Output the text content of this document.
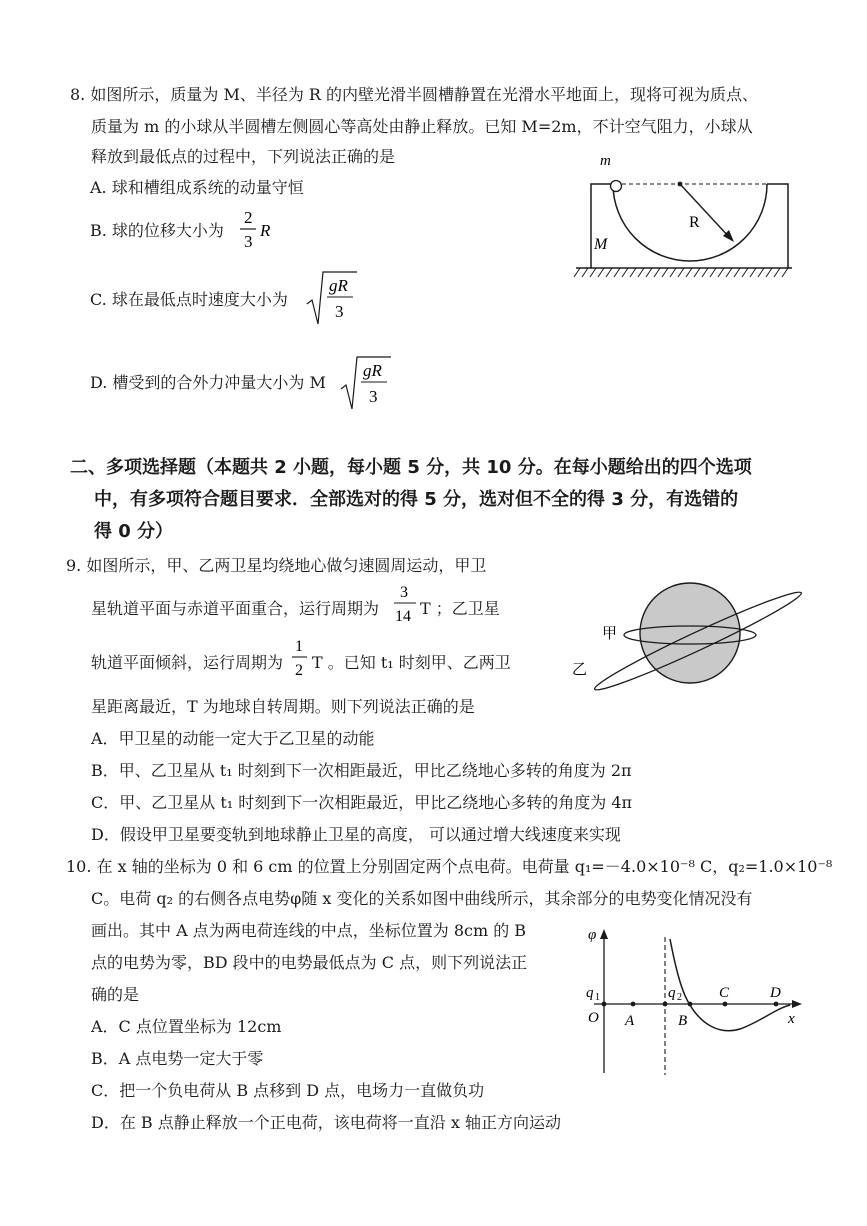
8. 如图所示，质量为 M、半径为 R 的内壁光滑半圆槽静置在光滑水平地面上，现将可视为质点、
质量为 m 的小球从半圆槽左侧圆心等高处由静止释放。已知 M=2m，不计空气阻力，小球从
释放到最低点的过程中，下列说法正确的是
A. 球和槽组成系统的动量守恒
B. 球的位移大小为
2
3
R
C. 球在最低点时速度大小为
gR
3
D. 槽受到的合外力冲量大小为 M
gR
3
m
R
M
二、多项选择题（本题共 2 小题，每小题 5 分，共 10 分。在每小题给出的四个选项
中，有多项符合题目要求．全部选对的得 5 分，选对但不全的得 3 分，有选错的
得 0 分）
9. 如图所示，甲、乙两卫星均绕地心做匀速圆周运动，甲卫
星轨道平面与赤道平面重合，运行周期为
3
14 T ；乙卫星
轨道平面倾斜，运行周期为
1
2 T 。已知 t₁ 时刻甲、乙两卫
星距离最近，T 为地球自转周期。则下列说法正确的是
A．甲卫星的动能一定大于乙卫星的动能
B．甲、乙卫星从 t₁ 时刻到下一次相距最近，甲比乙绕地心多转的角度为 2π
C．甲、乙卫星从 t₁ 时刻到下一次相距最近，甲比乙绕地心多转的角度为 4π
D．假设甲卫星要变轨到地球静止卫星的高度， 可以通过增大线速度来实现
甲
乙
10. 在 x 轴的坐标为 0 和 6 cm 的位置上分别固定两个点电荷。电荷量 q₁=－4.0×10⁻⁸ C，q₂=1.0×10⁻⁸
C。电荷 q₂ 的右侧各点电势φ随 x 变化的关系如图中曲线所示，其余部分的电势变化情况没有
画出。其中 A 点为两电荷连线的中点，坐标位置为 8cm 的 B
点的电势为零，BD 段中的电势最低点为 C 点，则下列说法正
确的是
A．C 点位置坐标为 12cm
B．A 点电势一定大于零
C．把一个负电荷从 B 点移到 D 点，电场力一直做负功
D．在 B 点静止释放一个正电荷，该电荷将一直沿 x 轴正方向运动
φ
q 1	q 2
O A	B
C	D
x
